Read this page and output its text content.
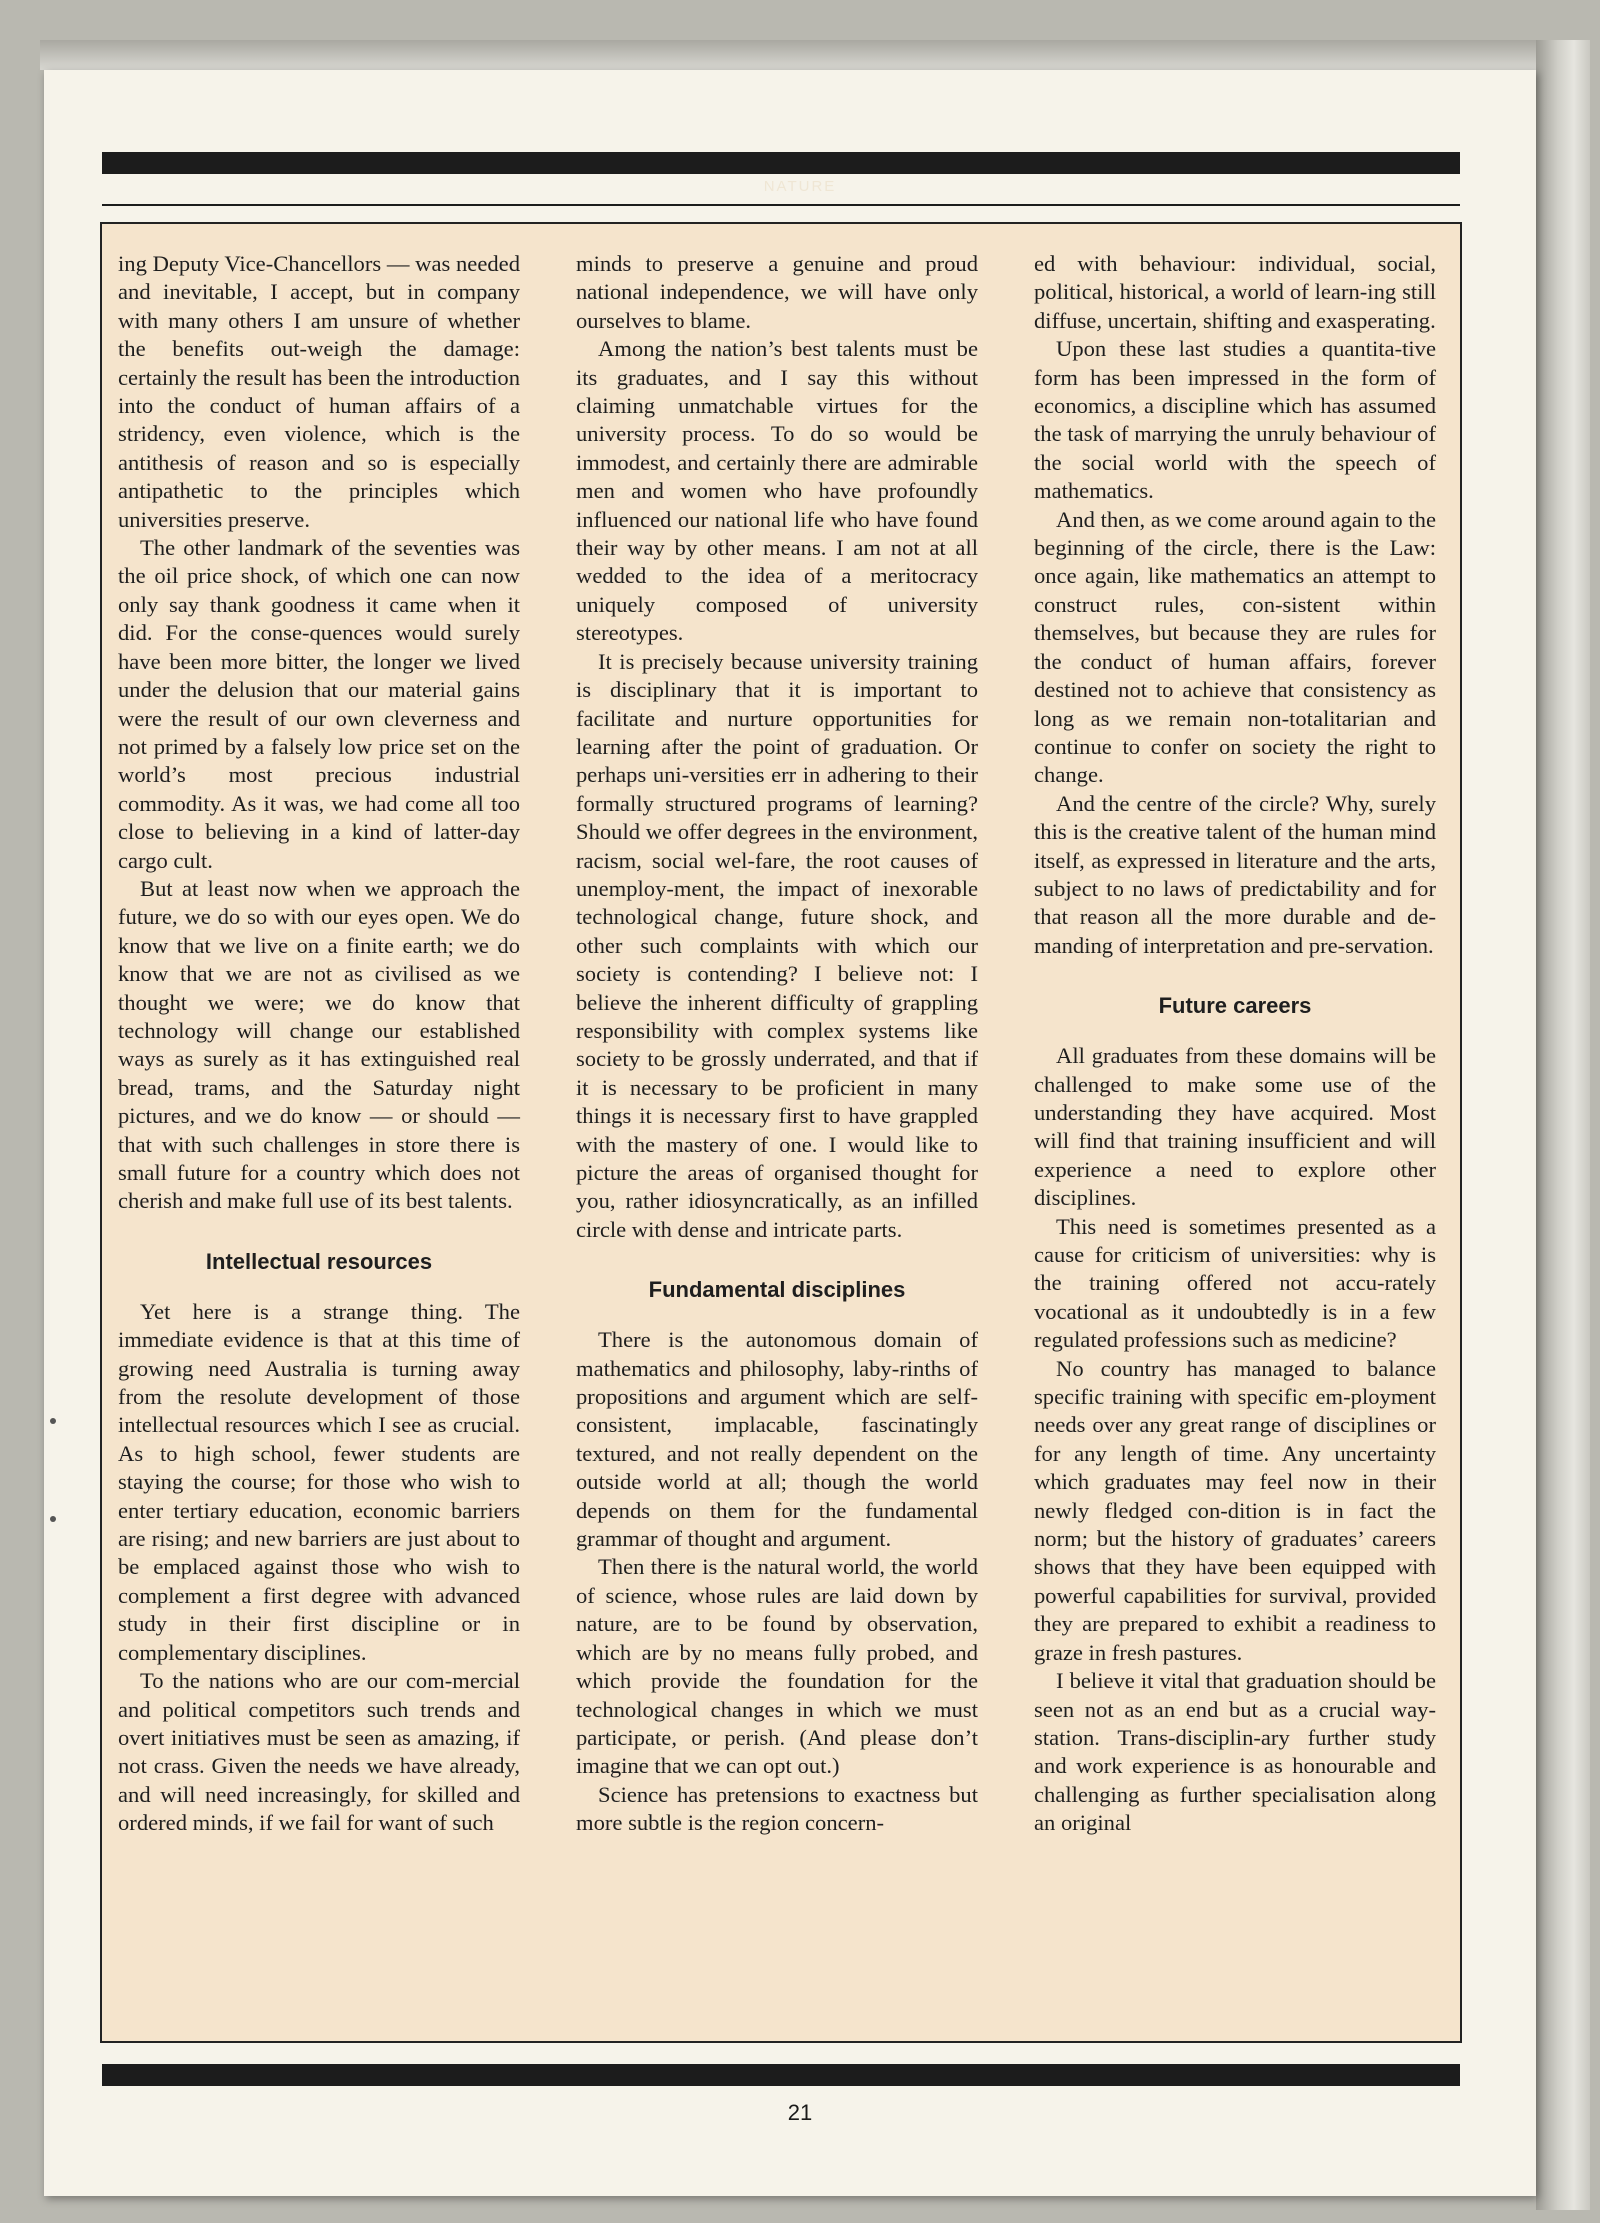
NATURE

ing Deputy Vice-Chancellors — was needed and inevitable, I accept, but in company with many others I am unsure of whether the benefits out-weigh the damage: certainly the result has been the introduction into the conduct of human affairs of a stridency, even violence, which is the antithesis of reason and so is especially antipathetic to the principles which universities preserve.

The other landmark of the seventies was the oil price shock, of which one can now only say thank goodness it came when it did. For the conse-quences would surely have been more bitter, the longer we lived under the delusion that our material gains were the result of our own cleverness and not primed by a falsely low price set on the world’s most precious industrial commodity. As it was, we had come all too close to believing in a kind of latter-day cargo cult.

But at least now when we approach the future, we do so with our eyes open. We do know that we live on a finite earth; we do know that we are not as civilised as we thought we were; we do know that technology will change our established ways as surely as it has extinguished real bread, trams, and the Saturday night pictures, and we do know — or should — that with such challenges in store there is small future for a country which does not cherish and make full use of its best talents.

Intellectual resources

Yet here is a strange thing. The immediate evidence is that at this time of growing need Australia is turning away from the resolute development of those intellectual resources which I see as crucial. As to high school, fewer students are staying the course; for those who wish to enter tertiary education, economic barriers are rising; and new barriers are just about to be emplaced against those who wish to complement a first degree with advanced study in their first discipline or in complementary disciplines.

To the nations who are our com-mercial and political competitors such trends and overt initiatives must be seen as amazing, if not crass. Given the needs we have already, and will need increasingly, for skilled and ordered minds, if we fail for want of such

minds to preserve a genuine and proud national independence, we will have only ourselves to blame.

Among the nation’s best talents must be its graduates, and I say this without claiming unmatchable virtues for the university process. To do so would be immodest, and certainly there are admirable men and women who have profoundly influenced our national life who have found their way by other means. I am not at all wedded to the idea of a meritocracy uniquely composed of university stereotypes.

It is precisely because university training is disciplinary that it is important to facilitate and nurture opportunities for learning after the point of graduation. Or perhaps uni-versities err in adhering to their formally structured programs of learning? Should we offer degrees in the environment, racism, social wel-fare, the root causes of unemploy-ment, the impact of inexorable technological change, future shock, and other such complaints with which our society is contending? I believe not: I believe the inherent difficulty of grappling responsibility with complex systems like society to be grossly underrated, and that if it is necessary to be proficient in many things it is necessary first to have grappled with the mastery of one. I would like to picture the areas of organised thought for you, rather idiosyncratically, as an infilled circle with dense and intricate parts.

Fundamental disciplines

There is the autonomous domain of mathematics and philosophy, laby-rinths of propositions and argument which are self-consistent, implacable, fascinatingly textured, and not really dependent on the outside world at all; though the world depends on them for the fundamental grammar of thought and argument.

Then there is the natural world, the world of science, whose rules are laid down by nature, are to be found by observation, which are by no means fully probed, and which provide the foundation for the technological changes in which we must participate, or perish. (And please don’t imagine that we can opt out.)

Science has pretensions to exactness but more subtle is the region concern-

ed with behaviour: individual, social, political, historical, a world of learn-ing still diffuse, uncertain, shifting and exasperating.

Upon these last studies a quantita-tive form has been impressed in the form of economics, a discipline which has assumed the task of marrying the unruly behaviour of the social world with the speech of mathematics.

And then, as we come around again to the beginning of the circle, there is the Law: once again, like mathematics an attempt to construct rules, con-sistent within themselves, but because they are rules for the conduct of human affairs, forever destined not to achieve that consistency as long as we remain non-totalitarian and continue to confer on society the right to change.

And the centre of the circle? Why, surely this is the creative talent of the human mind itself, as expressed in literature and the arts, subject to no laws of predictability and for that reason all the more durable and de-manding of interpretation and pre-servation.

Future careers

All graduates from these domains will be challenged to make some use of the understanding they have acquired. Most will find that training insufficient and will experience a need to explore other disciplines.

This need is sometimes presented as a cause for criticism of universities: why is the training offered not accu-rately vocational as it undoubtedly is in a few regulated professions such as medicine?

No country has managed to balance specific training with specific em-ployment needs over any great range of disciplines or for any length of time. Any uncertainty which graduates may feel now in their newly fledged con-dition is in fact the norm; but the history of graduates’ careers shows that they have been equipped with powerful capabilities for survival, provided they are prepared to exhibit a readiness to graze in fresh pastures.

I believe it vital that graduation should be seen not as an end but as a crucial way-station. Trans-disciplin-ary further study and work experience is as honourable and challenging as further specialisation along an original

21
